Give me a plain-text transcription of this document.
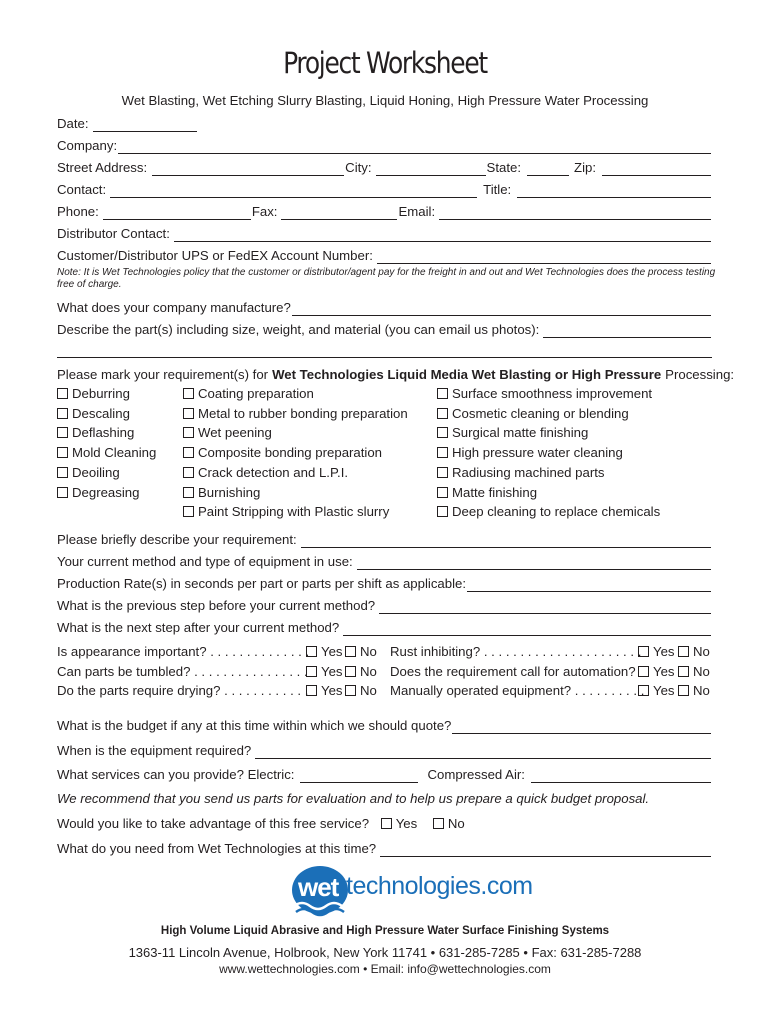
Project Worksheet
Wet Blasting, Wet Etching Slurry Blasting, Liquid Honing, High Pressure Water Processing
Date:
Company:
Street Address:	City:	State:	Zip:
Contact:	Title:
Phone:	Fax:	Email:
Distributor Contact:
Customer/Distributor UPS or FedEX Account Number:
Note: It is Wet Technologies policy that the customer or distributor/agent pay for the freight in and out and Wet Technologies does the process testing free of charge.
What does your company manufacture?
Describe the part(s) including size, weight, and material (you can email us photos):
Please mark your requirement(s) for Wet Technologies Liquid Media Wet Blasting or High Pressure Processing:
Deburring
Descaling
Deflashing
Mold Cleaning
Deoiling
Degreasing
Coating preparation
Metal to rubber bonding preparation
Wet peening
Composite bonding preparation
Crack detection and L.P.I.
Burnishing
Paint Stripping with Plastic slurry
Surface smoothness improvement
Cosmetic cleaning or blending
Surgical matte finishing
High pressure water cleaning
Radiusing machined parts
Matte finishing
Deep cleaning to replace chemicals
Please briefly describe your requirement:
Your current method and type of equipment in use:
Production Rate(s) in seconds per part or parts per shift as applicable:
What is the previous step before your current method?
What is the next step after your current method?
Is appearance important? . . . . . . . . . . . . . . Yes	No
Can parts be tumbled? . . . . . . . . . . . . . . . .	Yes	No
Do the parts require drying? . . . . . . . . . . . . Yes	No
Rust inhibiting? . . . . . . . . . . . . . . . . . . . . . . Yes	No
Does the requirement call for automation?	Yes	No
Manually operated equipment? . . . . . . . . . . Yes	No
What is the budget if any at this time within which we should quote?
When is the equipment required?
What services can you provide? Electric:	Compressed Air:
We recommend that you send us parts for evaluation and to help us prepare a quick budget proposal.
Would you like to take advantage of this free service? Yes No
What do you need from Wet Technologies at this time?
wet technologies.com
High Volume Liquid Abrasive and High Pressure Water Surface Finishing Systems
1363-11 Lincoln Avenue, Holbrook, New York 11741 • 631-285-7285 • Fax: 631-285-7288
www.wettechnologies.com • Email: info@wettechnologies.com
